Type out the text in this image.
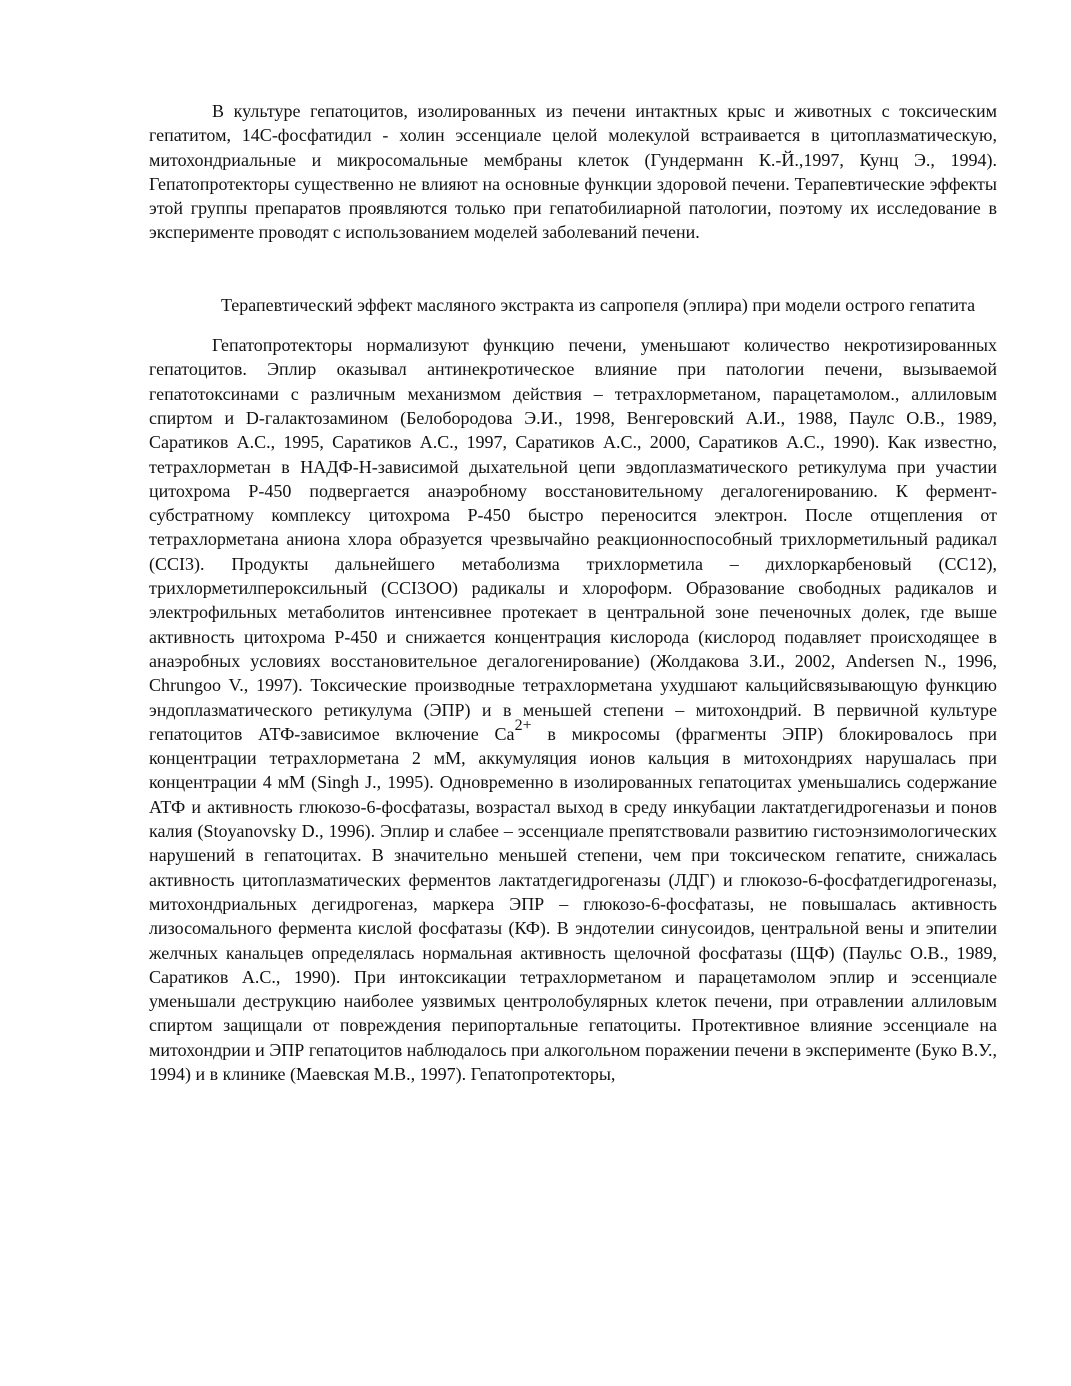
В культуре гепатоцитов, изолированных из печени интактных крыс и животных с токсическим гепатитом, 14С-фосфатидил - холин эссенциале целой молекулой встраивается в цитоплазматическую, митохондриальные и микросомальные мембраны клеток (Гундерманн К.-Й.,1997, Кунц Э., 1994). Гепатопротекторы существенно не влияют на основные функции здоровой печени. Терапевтические эффекты этой группы препаратов проявляются только при гепатобилиарной патологии, поэтому их исследование в эксперименте проводят с использованием моделей заболеваний печени.

Терапевтический эффект масляного экстракта из сапропеля (эплира) при модели острого гепатита

Гепатопротекторы нормализуют функцию печени, уменьшают количество некротизированных гепатоцитов. Эплир оказывал антинекротическое влияние при патологии печени, вызываемой гепатотоксинами с различным механизмом действия – тетрахлорметаном, парацетамолом., аллиловым спиртом и D-галактозамином (Белобородова Э.И., 1998, Венгеровский А.И., 1988, Паулс О.В., 1989, Саратиков А.С., 1995, Саратиков А.С., 1997, Саратиков А.С., 2000, Саратиков А.С., 1990). Как известно, тетрахлорметан в НАДФ-Н-зависимой дыхательной цепи эвдоплазматического ретикулума при участии цитохрома Р-450 подвергается анаэробному восстановительному дегалогенированию. К фермент-субстратному комплексу цитохрома Р-450 быстро переносится электрон. После отщепления от тетрахлорметана аниона хлора образуется чрезвычайно реакционноспособный трихлорметильный радикал (ССІ3). Продукты дальнейшего метаболизма трихлорметила – дихлоркарбеновый (СС12), трихлорметилпероксильный (ССІ3ОО) радикалы и хлороформ. Образование свободных радикалов и электрофильных метаболитов интенсивнее протекает в центральной зоне печеночных долек, где выше активность цитохрома Р-450 и снижается концентрация кислорода (кислород подавляет происходящее в анаэробных условиях восстановительное дегалогенирование) (Жолдакова З.И., 2002, Andersen N., 1996, Chrungoo V., 1997). Токсические производные тетрахлорметана ухудшают кальцийсвязывающую функцию эндоплазматического ретикулума (ЭПР) и в меньшей степени – митохондрий. В первичной культуре гепатоцитов АТФ-зависимое включение $Са^{2+}$ в микросомы (фрагменты ЭПР) блокировалось при концентрации тетрахлорметана 2 мМ, аккумуляция ионов кальция в митохондриях нарушалась при концентрации 4 мМ (Singh J., 1995). Одновременно в изолированных гепатоцитах уменьшались содержание АТФ и активность глюкозо-6-фосфатазы, возрастал выход в среду инкубации лактатдегидрогеназьи и понов калия (Stoyanovsky D., 1996). Эплир и слабее – эссенциале препятствовали развитию гистоэнзимологических нарушений в гепатоцитах. В значительно меньшей степени, чем при токсическом гепатите, снижалась активность цитоплазматических ферментов лактатдегидрогеназы (ЛДГ) и глюкозо-6-фосфатдегидрогеназы, митохондриальных дегидрогеназ, маркера ЭПР – глюкозо-6-фосфатазы, не повышалась активность лизосомального фермента кислой фосфатазы (КФ). В эндотелии синусоидов, центральной вены и эпителии желчных канальцев определялась нормальная активность щелочной фосфатазы (ЩФ) (Паульс О.В., 1989, Саратиков А.С., 1990). При интоксикации тетрахлорметаном и парацетамолом эплир и эссенциале уменьшали деструкцию наиболее уязвимых центролобулярных клеток печени, при отравлении аллиловым спиртом защищали от повреждения перипортальные гепатоциты. Протективное влияние эссенциале на митохондрии и ЭПР гепатоцитов наблюдалось при алкогольном поражении печени в эксперименте (Буко В.У., 1994) и в клинике (Маевская М.В., 1997). Гепатопротекторы,
